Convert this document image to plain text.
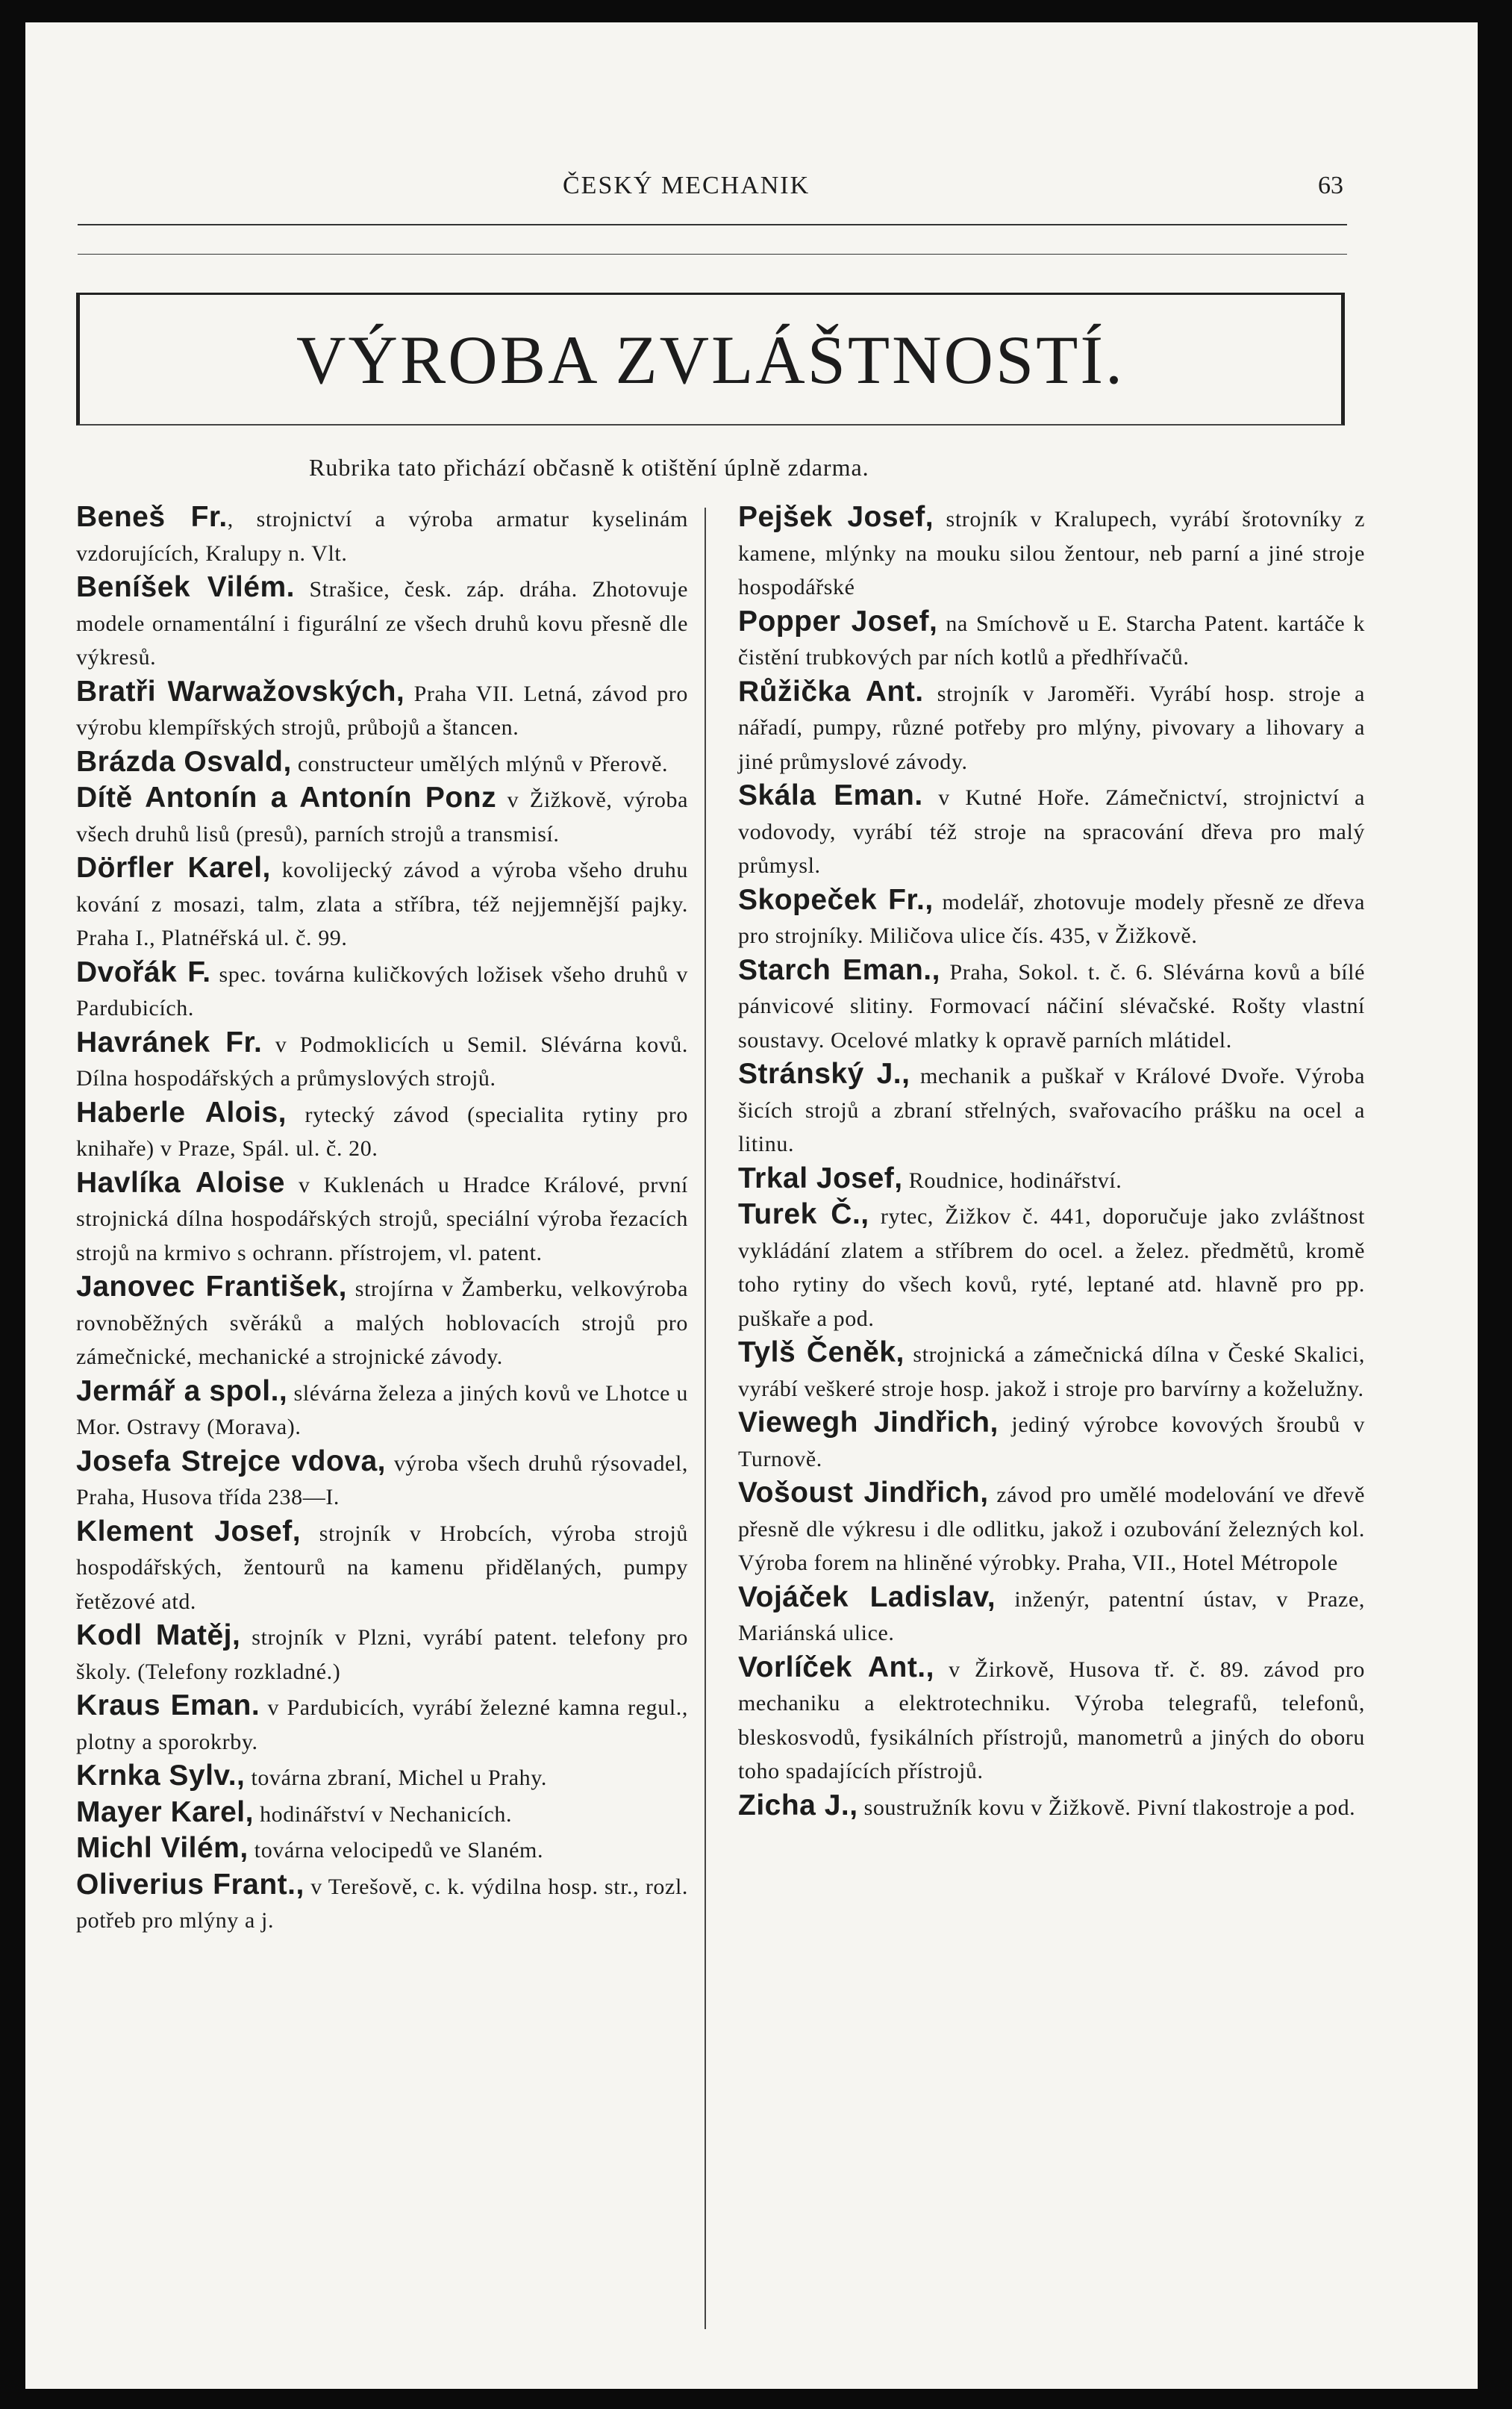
ČESKÝ MECHANIK	63
VÝROBA ZVLÁŠTNOSTÍ.
Rubrika tato přichází občasně k otištění úplně zdarma.

Beneš Fr., strojnictví a výroba armatur kyselinám vzdorujících, Kralupy n. Vlt.

Beníšek Vilém. Strašice, česk. záp. dráha. Zhotovuje modele ornamentální i figurální ze všech druhů kovu přesně dle výkresů.

Bratři Warwažovských, Praha VII. Letná, závod pro výrobu klempířských strojů, průbojů a štancen.

Brázda Osvald, constructeur umělých mlýnů v Přerově.

Dítě Antonín a Antonín Ponz v Žižkově, výroba všech druhů lisů (presů), parních strojů a transmisí.

Dörfler Karel, kovolijecký závod a výroba všeho druhu kování z mosazi, talm, zlata a stříbra, též nejjemnější pajky. Praha I., Platnéřská ul. č. 99.

Dvořák F. spec. továrna kuličkových ložisek všeho druhů v Pardubicích.

Havránek Fr. v Podmoklicích u Semil. Slévárna kovů. Dílna hospodářských a průmyslových strojů.

Haberle Alois, rytecký závod (specialita rytiny pro knihaře) v Praze, Spál. ul. č. 20.

Havlíka Aloise v Kuklenách u Hradce Králové, první strojnická dílna hospodářských strojů, speciální výroba řezacích strojů na krmivo s ochrann. přístrojem, vl. patent.

Janovec František, strojírna v Žamberku, velkovýroba rovnoběžných svěráků a malých hoblovacích strojů pro zámečnické, mechanické a strojnické závody.

Jermář a spol., slévárna železa a jiných kovů ve Lhotce u Mor. Ostravy (Morava).

Josefa Strejce vdova, výroba všech druhů rýsovadel, Praha, Husova třída 238—I.

Klement Josef, strojník v Hrobcích, výroba strojů hospodářských, žentourů na kamenu přidělaných, pumpy řetězové atd.

Kodl Matěj, strojník v Plzni, vyrábí patent. telefony pro školy. (Telefony rozkladné.)

Kraus Eman. v Pardubicích, vyrábí železné kamna regul., plotny a sporokrby.

Krnka Sylv., továrna zbraní, Michel u Prahy.

Mayer Karel, hodinářství v Nechanicích.

Michl Vilém, továrna velocipedů ve Slaném.

Oliverius Frant., v Terešově, c. k. výdilna hosp. str., rozl. potřeb pro mlýny a j.

Pejšek Josef, strojník v Kralupech, vyrábí šrotovníky z kamene, mlýnky na mouku silou žentour, neb parní a jiné stroje hospodářské

Popper Josef, na Smíchově u E. Starcha Patent. kartáče k čistění trubkových par ních kotlů a předhřívačů.

Růžička Ant. strojník v Jaroměři. Vyrábí hosp. stroje a nářadí, pumpy, různé potřeby pro mlýny, pivovary a lihovary a jiné průmyslové závody.

Skála Eman. v Kutné Hoře. Zámečnictví, strojnictví a vodovody, vyrábí též stroje na spracování dřeva pro malý průmysl.

Skopeček Fr., modelář, zhotovuje modely přesně ze dřeva pro strojníky. Miličova ulice čís. 435, v Žižkově.

Starch Eman., Praha, Sokol. t. č. 6. Slévárna kovů a bílé pánvicové slitiny. Formovací náčiní slévačské. Rošty vlastní soustavy. Ocelové mlatky k opravě parních mlátidel.

Stránský J., mechanik a puškař v Králové Dvoře. Výroba šicích strojů a zbraní střelných, svařovacího prášku na ocel a litinu.

Trkal Josef, Roudnice, hodinářství.

Turek Č., rytec, Žižkov č. 441, doporučuje jako zvláštnost vykládání zlatem a stříbrem do ocel. a želez. předmětů, kromě toho rytiny do všech kovů, ryté, leptané atd. hlavně pro pp. puškaře a pod.

Tylš Čeněk, strojnická a zámečnická dílna v České Skalici, vyrábí veškeré stroje hosp. jakož i stroje pro barvírny a koželužny.

Viewegh Jindřich, jediný výrobce kovových šroubů v Turnově.

Vošoust Jindřich, závod pro umělé modelování ve dřevě přesně dle výkresu i dle odlitku, jakož i ozubování železných kol. Výroba forem na hliněné výrobky. Praha, VII., Hotel Métropole

Vojáček Ladislav, inženýr, patentní ústav, v Praze, Mariánská ulice.

Vorlíček Ant., v Žirkově, Husova tř. č. 89. závod pro mechaniku a elektrotechniku. Výroba telegrafů, telefonů, bleskosvodů, fysikálních přístrojů, manometrů a jiných do oboru toho spadajících přístrojů.

Zicha J., soustružník kovu v Žižkově. Pivní tlakostroje a pod.
